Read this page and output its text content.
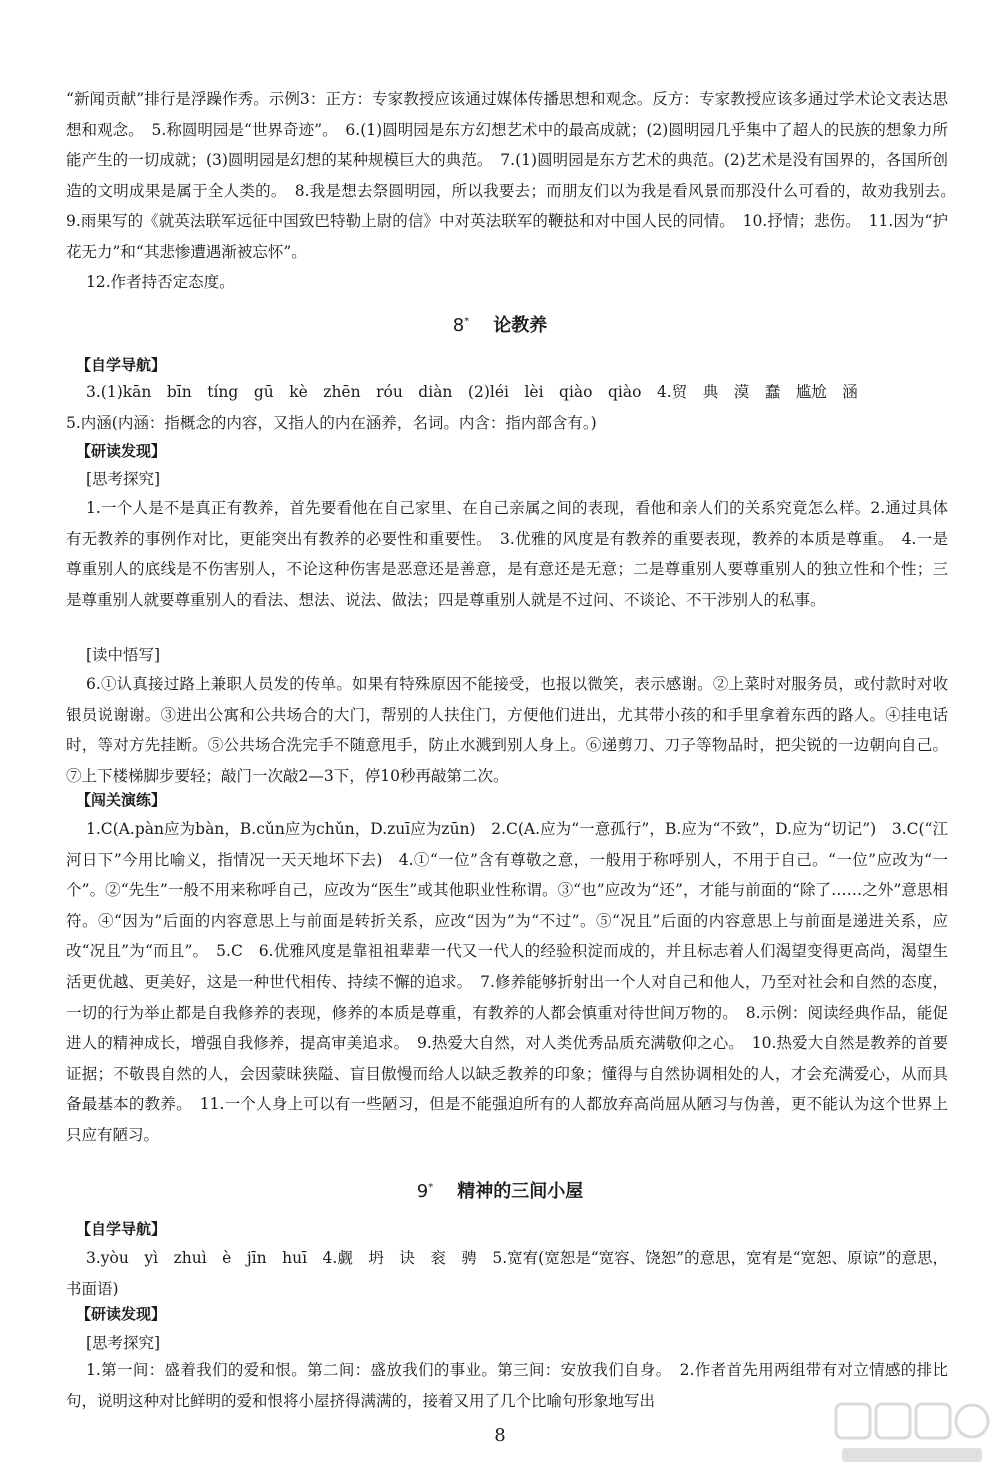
“新闻贡献”排行是浮躁作秀。示例3：正方：专家教授应该通过媒体传播思想和观念。反方：专家教授应该多通过学术论文表达思想和观念。　5.称圆明园是“世界奇迹”。　6.(1)圆明园是东方幻想艺术中的最高成就；(2)圆明园几乎集中了超人的民族的想象力所能产生的一切成就；(3)圆明园是幻想的某种规模巨大的典范。　7.(1)圆明园是东方艺术的典范。(2)艺术是没有国界的，各国所创造的文明成果是属于全人类的。　8.我是想去祭圆明园，所以我要去；而朋友们以为我是看风景而那没什么可看的，故劝我别去。　9.雨果写的《就英法联军远征中国致巴特勒上尉的信》中对英法联军的鞭挞和对中国人民的同情。　10.抒情；悲伤。　11.因为“护花无力”和“其悲惨遭遇渐被忘怀”。

12.作者持否定态度。

8* 论教养

【自学导航】

3.(1)kān　bīn　tíng　gū　kè　zhēn　róu　diàn　(2)léi　lèi　qiào　qiào　4.贸　典　漠　蠢　尴尬　涵

5.内涵(内涵：指概念的内容，又指人的内在涵养，名词。内含：指内部含有。)

【研读发现】

[思考探究]

1.一个人是不是真正有教养，首先要看他在自己家里、在自己亲属之间的表现，看他和亲人们的关系究竟怎么样。2.通过具体有无教养的事例作对比，更能突出有教养的必要性和重要性。　3.优雅的风度是有教养的重要表现，教养的本质是尊重。　4.一是尊重别人的底线是不伤害别人，不论这种伤害是恶意还是善意，是有意还是无意；二是尊重别人要尊重别人的独立性和个性；三是尊重别人就要尊重别人的看法、想法、说法、做法；四是尊重别人就是不过问、不谈论、不干涉别人的私事。

[读中悟写]

6.①认真接过路上兼职人员发的传单。如果有特殊原因不能接受，也报以微笑，表示感谢。②上菜时对服务员，或付款时对收银员说谢谢。③进出公寓和公共场合的大门，帮别的人扶住门，方便他们进出，尤其带小孩的和手里拿着东西的路人。④挂电话时，等对方先挂断。⑤公共场合洗完手不随意甩手，防止水溅到别人身上。⑥递剪刀、刀子等物品时，把尖锐的一边朝向自己。⑦上下楼梯脚步要轻；敲门一次敲2—3下，停10秒再敲第二次。

【闯关演练】

1.C(A.pàn应为bàn，B.cǔn应为chǔn，D.zuī应为zūn)　2.C(A.应为“一意孤行”，B.应为“不致”，D.应为“切记”)　3.C(“江河日下”今用比喻义，指情况一天天地坏下去)　4.①“一位”含有尊敬之意，一般用于称呼别人，不用于自己。“一位”应改为“一个”。②“先生”一般不用来称呼自己，应改为“医生”或其他职业性称谓。③“也”应改为“还”，才能与前面的“除了……之外”意思相符。④“因为”后面的内容意思上与前面是转折关系，应改“因为”为“不过”。⑤“况且”后面的内容意思上与前面是递进关系，应改“况且”为“而且”。　5.C　6.优雅风度是靠祖祖辈辈一代又一代人的经验积淀而成的，并且标志着人们渴望变得更高尚，渴望生活更优越、更美好，这是一种世代相传、持续不懈的追求。　7.修养能够折射出一个人对自己和他人，乃至对社会和自然的态度，一切的行为举止都是自我修养的表现，修养的本质是尊重，有教养的人都会慎重对待世间万物的。　8.示例：阅读经典作品，能促进人的精神成长，增强自我修养，提高审美追求。　9.热爱大自然，对人类优秀品质充满敬仰之心。　10.热爱大自然是教养的首要证据；不敬畏自然的人，会因蒙昧狭隘、盲目傲慢而给人以缺乏教养的印象；懂得与自然协调相处的人，才会充满爱心，从而具备最基本的教养。　11.一个人身上可以有一些陋习，但是不能强迫所有的人都放弃高尚屈从陋习与伪善，更不能认为这个世界上只应有陋习。

9* 精神的三间小屋

【自学导航】

3.yòu　yì　zhuì　è　jīn　huī　4.觑　坍　诀　衮　骋　5.宽宥(宽恕是“宽容、饶恕”的意思，宽宥是“宽恕、原谅”的意思，书面语)

【研读发现】

[思考探究]

1.第一间：盛着我们的爱和恨。第二间：盛放我们的事业。第三间：安放我们自身。　2.作者首先用两组带有对立情感的排比句，说明这种对比鲜明的爱和恨将小屋挤得满满的，接着又用了几个比喻句形象地写出

8
